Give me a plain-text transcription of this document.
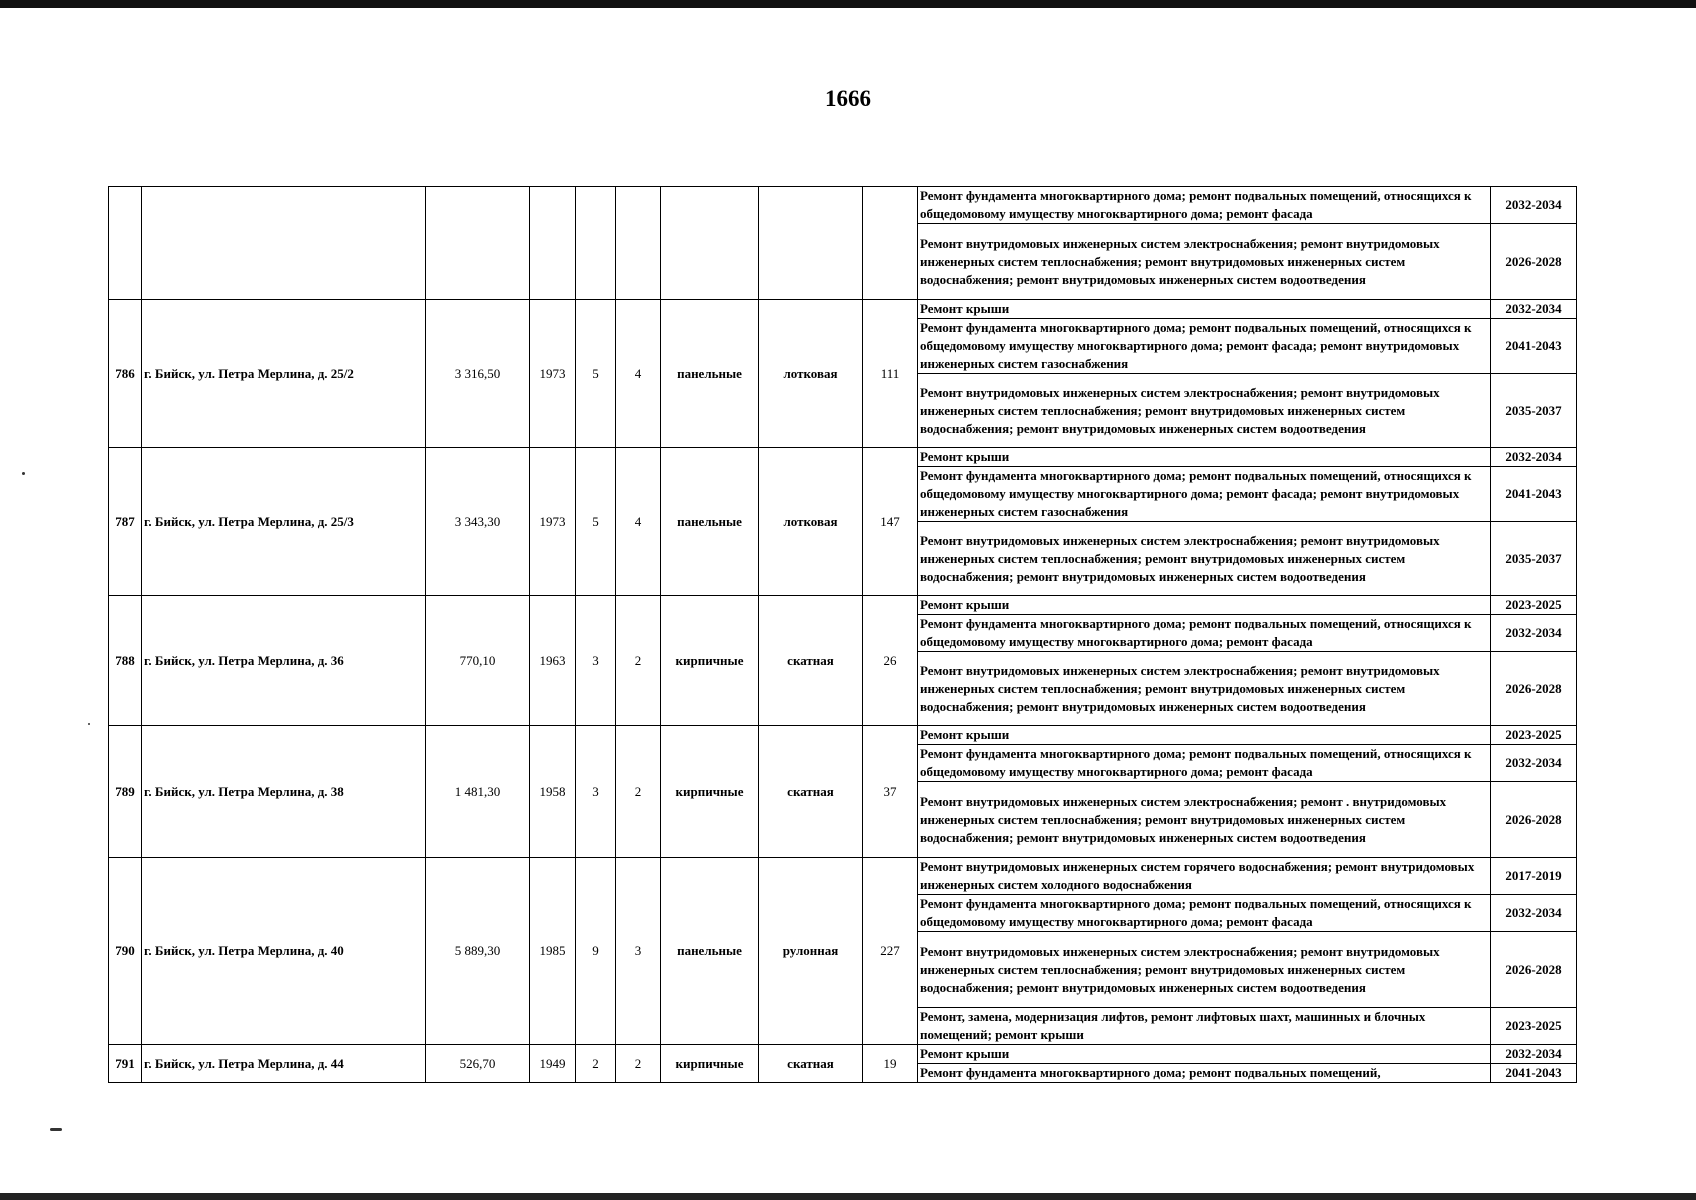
1666
									Ремонт фундамента многоквартирного дома; ремонт подвальных помещений, относящихся к общедомовому имуществу многоквартирного дома; ремонт фасада	2032-2034
									Ремонт внутридомовых инженерных систем электроснабжения; ремонт внутридомовых инженерных систем теплоснабжения; ремонт внутридомовых инженерных систем водоснабжения; ремонт внутридомовых инженерных систем водоотведения	2026-2028
786	г. Бийск, ул. Петра Мерлина, д. 25/2	3 316,50	1973	5	4	панельные	лотковая	111	Ремонт крыши	2032-2034
									Ремонт фундамента многоквартирного дома; ремонт подвальных помещений, относящихся к общедомовому имуществу многоквартирного дома; ремонт фасада; ремонт внутридомовых инженерных систем газоснабжения	2041-2043
									Ремонт внутридомовых инженерных систем электроснабжения; ремонт внутридомовых инженерных систем теплоснабжения; ремонт внутридомовых инженерных систем водоснабжения; ремонт внутридомовых инженерных систем водоотведения	2035-2037
787	г. Бийск, ул. Петра Мерлина, д. 25/3	3 343,30	1973	5	4	панельные	лотковая	147	Ремонт крыши	2032-2034
									Ремонт фундамента многоквартирного дома; ремонт подвальных помещений, относящихся к общедомовому имуществу многоквартирного дома; ремонт фасада; ремонт внутридомовых инженерных систем газоснабжения	2041-2043
									Ремонт внутридомовых инженерных систем электроснабжения; ремонт внутридомовых инженерных систем теплоснабжения; ремонт внутридомовых инженерных систем водоснабжения; ремонт внутридомовых инженерных систем водоотведения	2035-2037
788	г. Бийск, ул. Петра Мерлина, д. 36	770,10	1963	3	2	кирпичные	скатная	26	Ремонт крыши	2023-2025
									Ремонт фундамента многоквартирного дома; ремонт подвальных помещений, относящихся к общедомовому имуществу многоквартирного дома; ремонт фасада	2032-2034
									Ремонт внутридомовых инженерных систем электроснабжения; ремонт внутридомовых инженерных систем теплоснабжения; ремонт внутридомовых инженерных систем водоснабжения; ремонт внутридомовых инженерных систем водоотведения	2026-2028
789	г. Бийск, ул. Петра Мерлина, д. 38	1 481,30	1958	3	2	кирпичные	скатная	37	Ремонт крыши	2023-2025
									Ремонт фундамента многоквартирного дома; ремонт подвальных помещений, относящихся к общедомовому имуществу многоквартирного дома; ремонт фасада	2032-2034
									Ремонт внутридомовых инженерных систем электроснабжения; ремонт . внутридомовых инженерных систем теплоснабжения; ремонт внутридомовых инженерных систем водоснабжения; ремонт внутридомовых инженерных систем водоотведения	2026-2028
790	г. Бийск, ул. Петра Мерлина, д. 40	5 889,30	1985	9	3	панельные	рулонная	227	Ремонт внутридомовых инженерных систем горячего водоснабжения; ремонт внутридомовых инженерных систем холодного водоснабжения	2017-2019
									Ремонт фундамента многоквартирного дома; ремонт подвальных помещений, относящихся к общедомовому имуществу многоквартирного дома; ремонт фасада	2032-2034
									Ремонт внутридомовых инженерных систем электроснабжения; ремонт внутридомовых инженерных систем теплоснабжения; ремонт внутридомовых инженерных систем водоснабжения; ремонт внутридомовых инженерных систем водоотведения	2026-2028
									Ремонт, замена, модернизация лифтов, ремонт лифтовых шахт, машинных и блочных помещений; ремонт крыши	2023-2025
791	г. Бийск, ул. Петра Мерлина, д. 44	526,70	1949	2	2	кирпичные	скатная	19	Ремонт крыши	2032-2034
									Ремонт фундамента многоквартирного дома; ремонт подвальных помещений,	2041-2043
